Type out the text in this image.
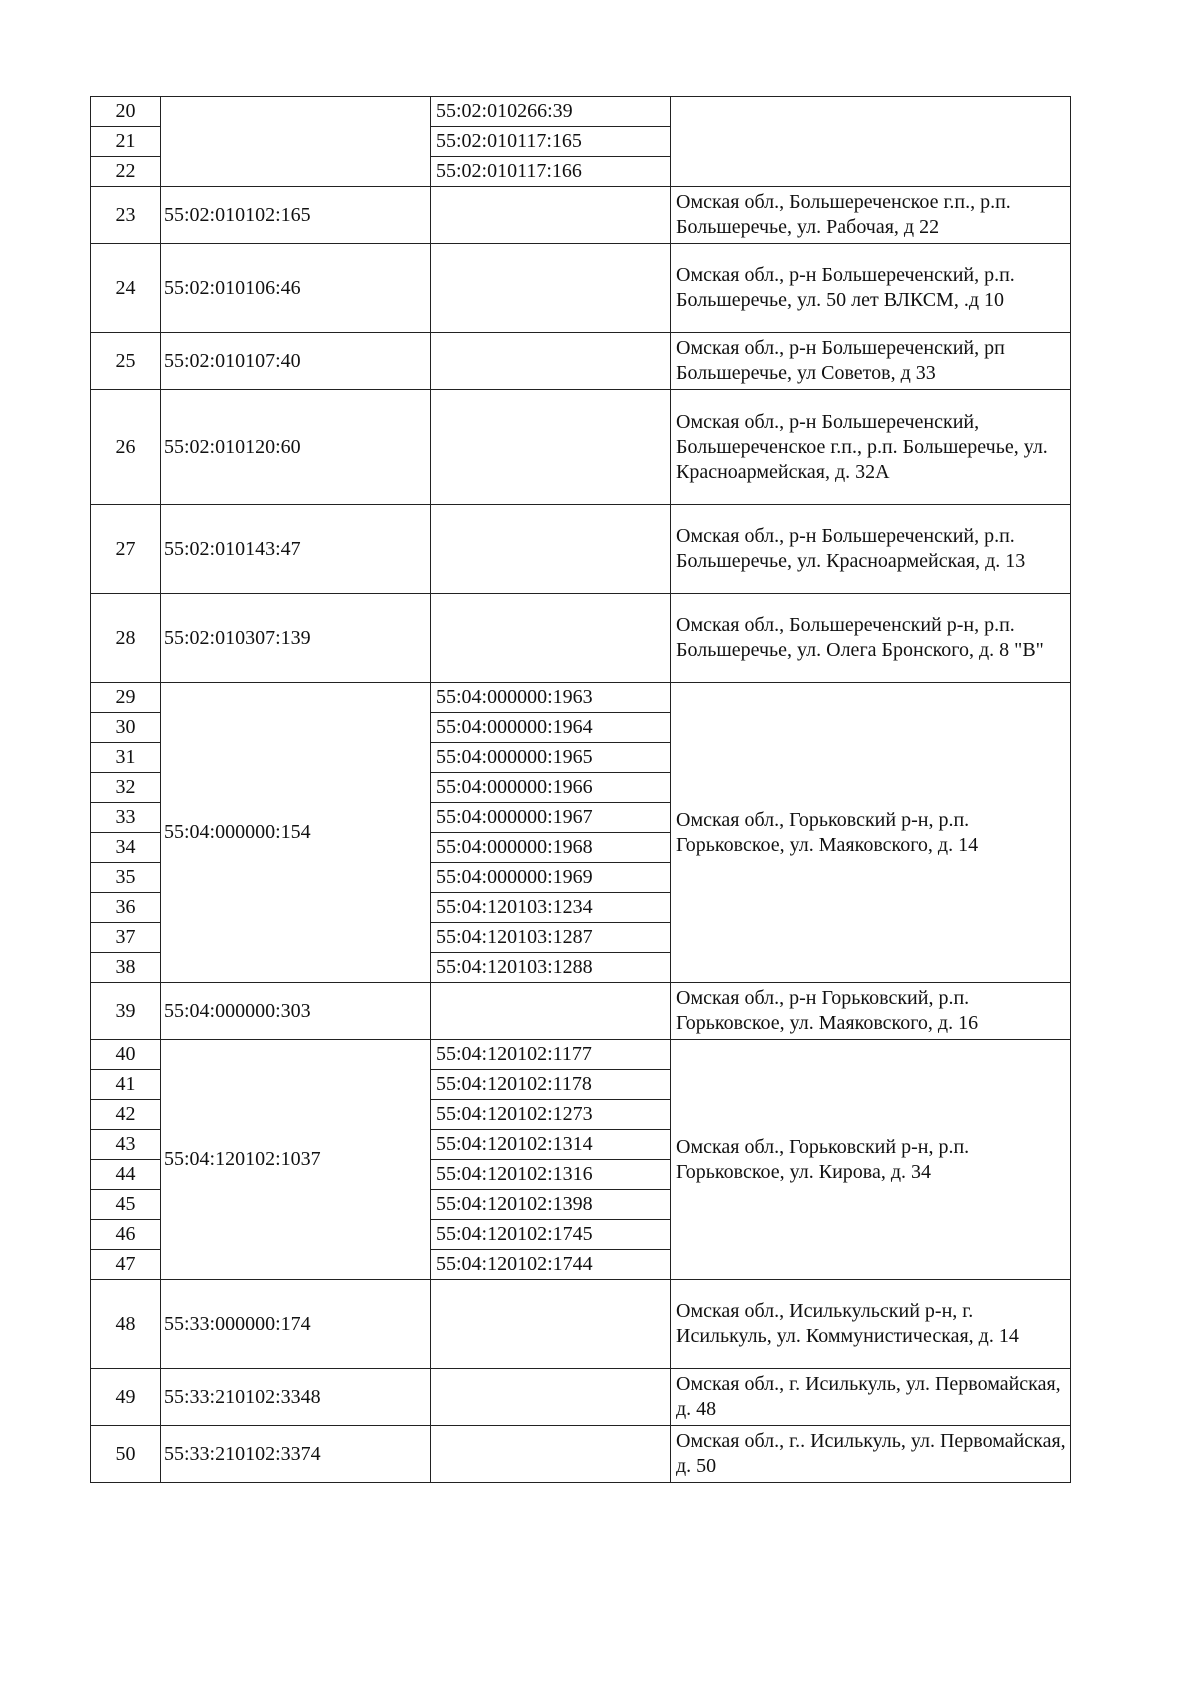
20		55:02:010266:39	
21		55:02:010117:165	
22		55:02:010117:166	
23	55:02:010102:165		Омская обл., Большереченское г.п., р.п. Большеречье, ул. Рабочая, д 22
24	55:02:010106:46		Омская обл., р-н Большереченский, р.п. Большеречье, ул. 50 лет ВЛКСМ, .д 10
25	55:02:010107:40		Омская обл., р-н Большереченский, рп Большеречье, ул Советов, д 33
26	55:02:010120:60		Омская обл., р-н Большереченский, Большереченское г.п., р.п. Большеречье, ул. Красноармейская, д. 32А
27	55:02:010143:47		Омская обл., р-н Большереченский, р.п. Большеречье, ул. Красноармейская, д. 13
28	55:02:010307:139		Омская обл., Большереченский р-н, р.п. Большеречье, ул. Олега Бронского, д. 8 "В"
29	55:04:000000:154	55:04:000000:1963	Омская обл., Горьковский р-н, р.п. Горьковское, ул. Маяковского, д. 14
30		55:04:000000:1964	
31		55:04:000000:1965	
32		55:04:000000:1966	
33		55:04:000000:1967	
34		55:04:000000:1968	
35		55:04:000000:1969	
36		55:04:120103:1234	
37		55:04:120103:1287	
38		55:04:120103:1288	
39	55:04:000000:303		Омская обл., р-н Горьковский, р.п. Горьковское, ул. Маяковского, д. 16
40	55:04:120102:1037	55:04:120102:1177	Омская обл., Горьковский р-н, р.п. Горьковское, ул. Кирова, д. 34
41		55:04:120102:1178	
42		55:04:120102:1273	
43		55:04:120102:1314	
44		55:04:120102:1316	
45		55:04:120102:1398	
46		55:04:120102:1745	
47		55:04:120102:1744	
48	55:33:000000:174		Омская обл., Исилькульский р-н, г. Исилькуль, ул. Коммунистическая, д. 14
49	55:33:210102:3348		Омская обл., г. Исилькуль, ул. Первомайская, д. 48
50	55:33:210102:3374		Омская обл., г.. Исилькуль, ул. Первомайская, д. 50
